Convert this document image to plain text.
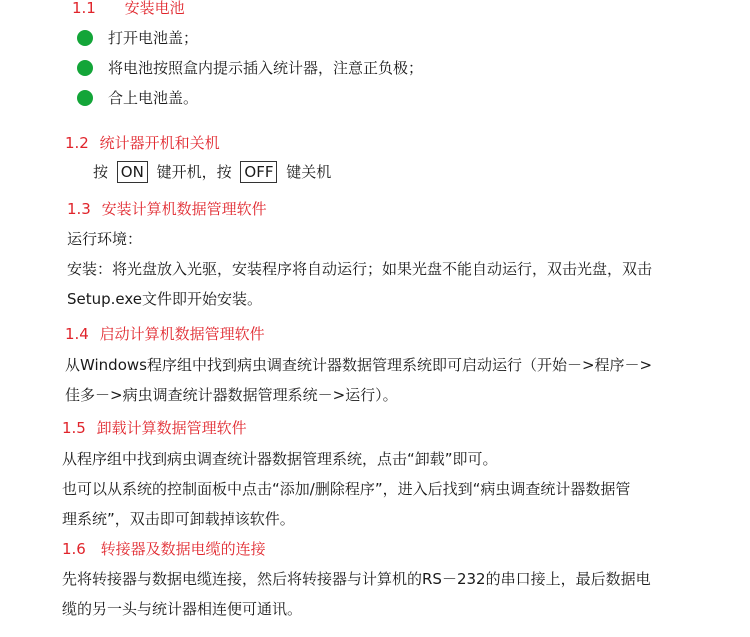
1.1 安装电池
打开电池盖；
将电池按照盒内提示插入统计器，注意正负极；
合上电池盖。
1.2 统计器开机和关机
按 ON 键开机，按 OFF 键关机
1.3 安装计算机数据管理软件
运行环境：
安装：将光盘放入光驱，安装程序将自动运行；如果光盘不能自动运行，双击光盘，双击
Setup.exe文件即开始安装。
1.4 启动计算机数据管理软件
从Windows程序组中找到病虫调查统计器数据管理系统即可启动运行（开始－>程序－>
佳多－>病虫调查统计器数据管理系统－>运行）。
1.5 卸载计算数据管理软件
从程序组中找到病虫调查统计器数据管理系统，点击“卸载”即可。
也可以从系统的控制面板中点击“添加/删除程序”，进入后找到“病虫调查统计器数据管
理系统”，双击即可卸载掉该软件。
1.6 转接器及数据电缆的连接
先将转接器与数据电缆连接，然后将转接器与计算机的RS－232的串口接上，最后数据电
缆的另一头与统计器相连便可通讯。
